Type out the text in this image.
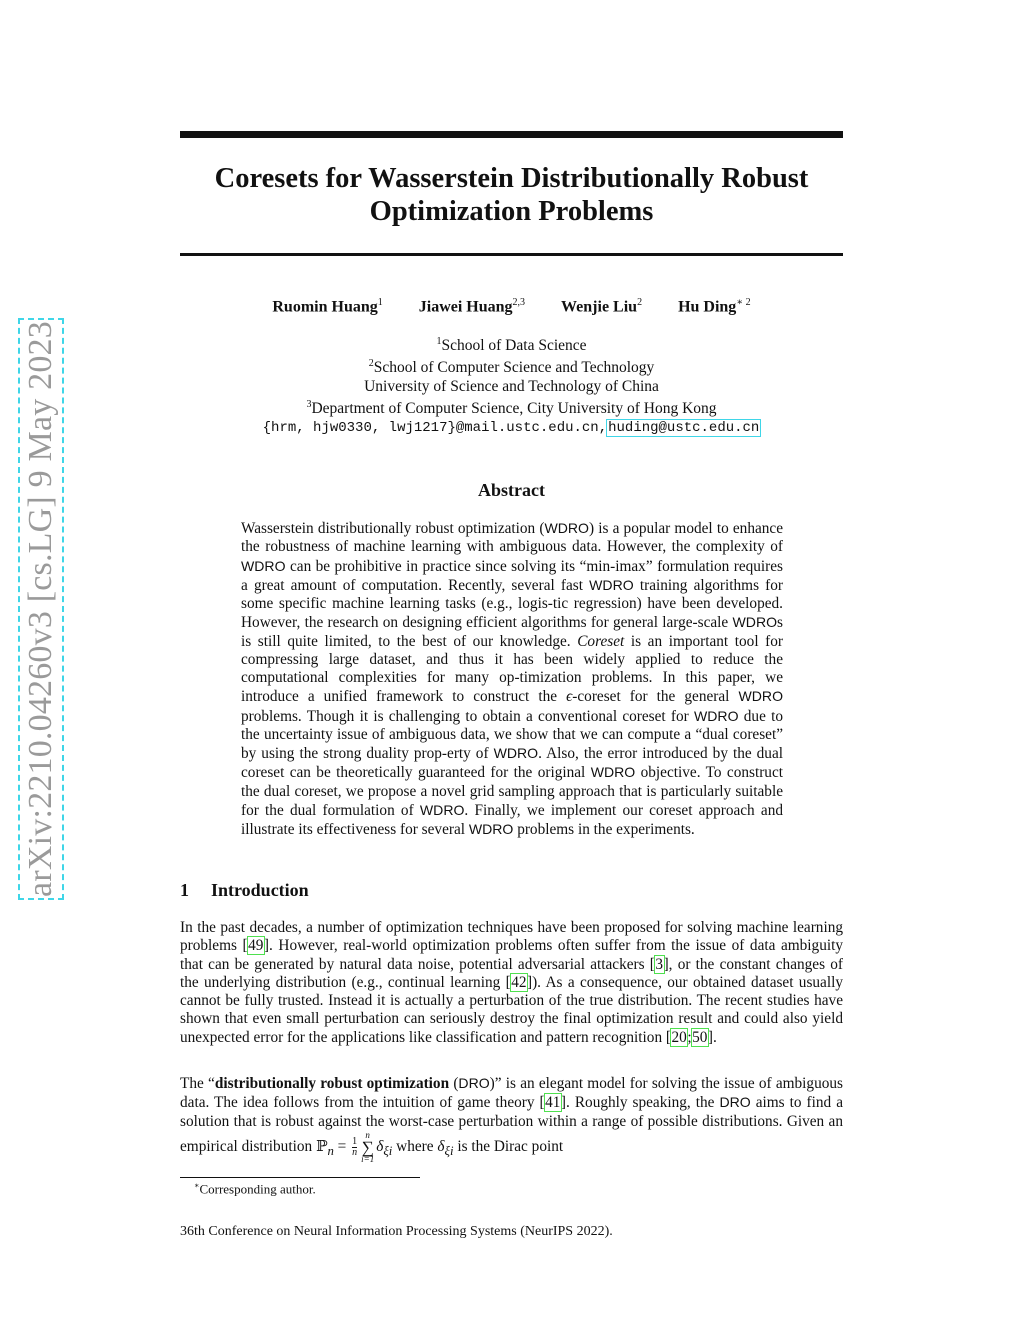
arXiv:2210.04260v3 [cs.LG] 9 May 2023
Coresets for Wasserstein Distributionally Robust
Optimization Problems
Ruomin Huang$^1$ Jiawei Huang$^{2,3}$ Wenjie Liu$^2$ Hu Ding$^{∗ 2}$
$^1$School of Data Science
$^2$School of Computer Science and Technology
University of Science and Technology of China
$^3$Department of Computer Science, City University of Hong Kong
{hrm, hjw0330, lwj1217}@mail.ustc.edu.cn,huding@ustc.edu.cn
Abstract
Wasserstein distributionally robust optimization (WDRO) is a popular model to enhance the robustness of machine learning with ambiguous data. However, the complexity of WDRO can be prohibitive in practice since solving its “min-imax” formulation requires a great amount of computation. Recently, several fast WDRO training algorithms for some specific machine learning tasks (e.g., logis-tic regression) have been developed. However, the research on designing efficient algorithms for general large-scale WDROs is still quite limited, to the best of our knowledge. Coreset is an important tool for compressing large dataset, and thus it has been widely applied to reduce the computational complexities for many op-timization problems. In this paper, we introduce a unified framework to construct the ϵ-coreset for the general WDRO problems. Though it is challenging to obtain a conventional coreset for WDRO due to the uncertainty issue of ambiguous data, we show that we can compute a “dual coreset” by using the strong duality prop-erty of WDRO. Also, the error introduced by the dual coreset can be theoretically guaranteed for the original WDRO objective. To construct the dual coreset, we propose a novel grid sampling approach that is particularly suitable for the dual formulation of WDRO. Finally, we implement our coreset approach and illustrate its effectiveness for several WDRO problems in the experiments.
1 Introduction
In the past decades, a number of optimization techniques have been proposed for solving machine learning problems [49]. However, real-world optimization problems often suffer from the issue of data ambiguity that can be generated by natural data noise, potential adversarial attackers [3], or the constant changes of the underlying distribution (e.g., continual learning [42]). As a consequence, our obtained dataset usually cannot be fully trusted. Instead it is actually a perturbation of the true distribution. The recent studies have shown that even small perturbation can seriously destroy the final optimization result and could also yield unexpected error for the applications like classification and pattern recognition [20;50].
The “distributionally robust optimization (DRO)” is an elegant model for solving the issue of ambiguous data. The idea follows from the intuition of game theory [41]. Roughly speaking, the DRO aims to find a solution that is robust against the worst-case perturbation within a range of possible distributions. Given an empirical distribution ℙ$_n$ = $\frac{1}{n}$
n
∑
$i=1\delta_{\xi i}$ where $\delta_{\xi i}$ is the Dirac point
∗Corresponding author.
36th Conference on Neural Information Processing Systems (NeurIPS 2022).
